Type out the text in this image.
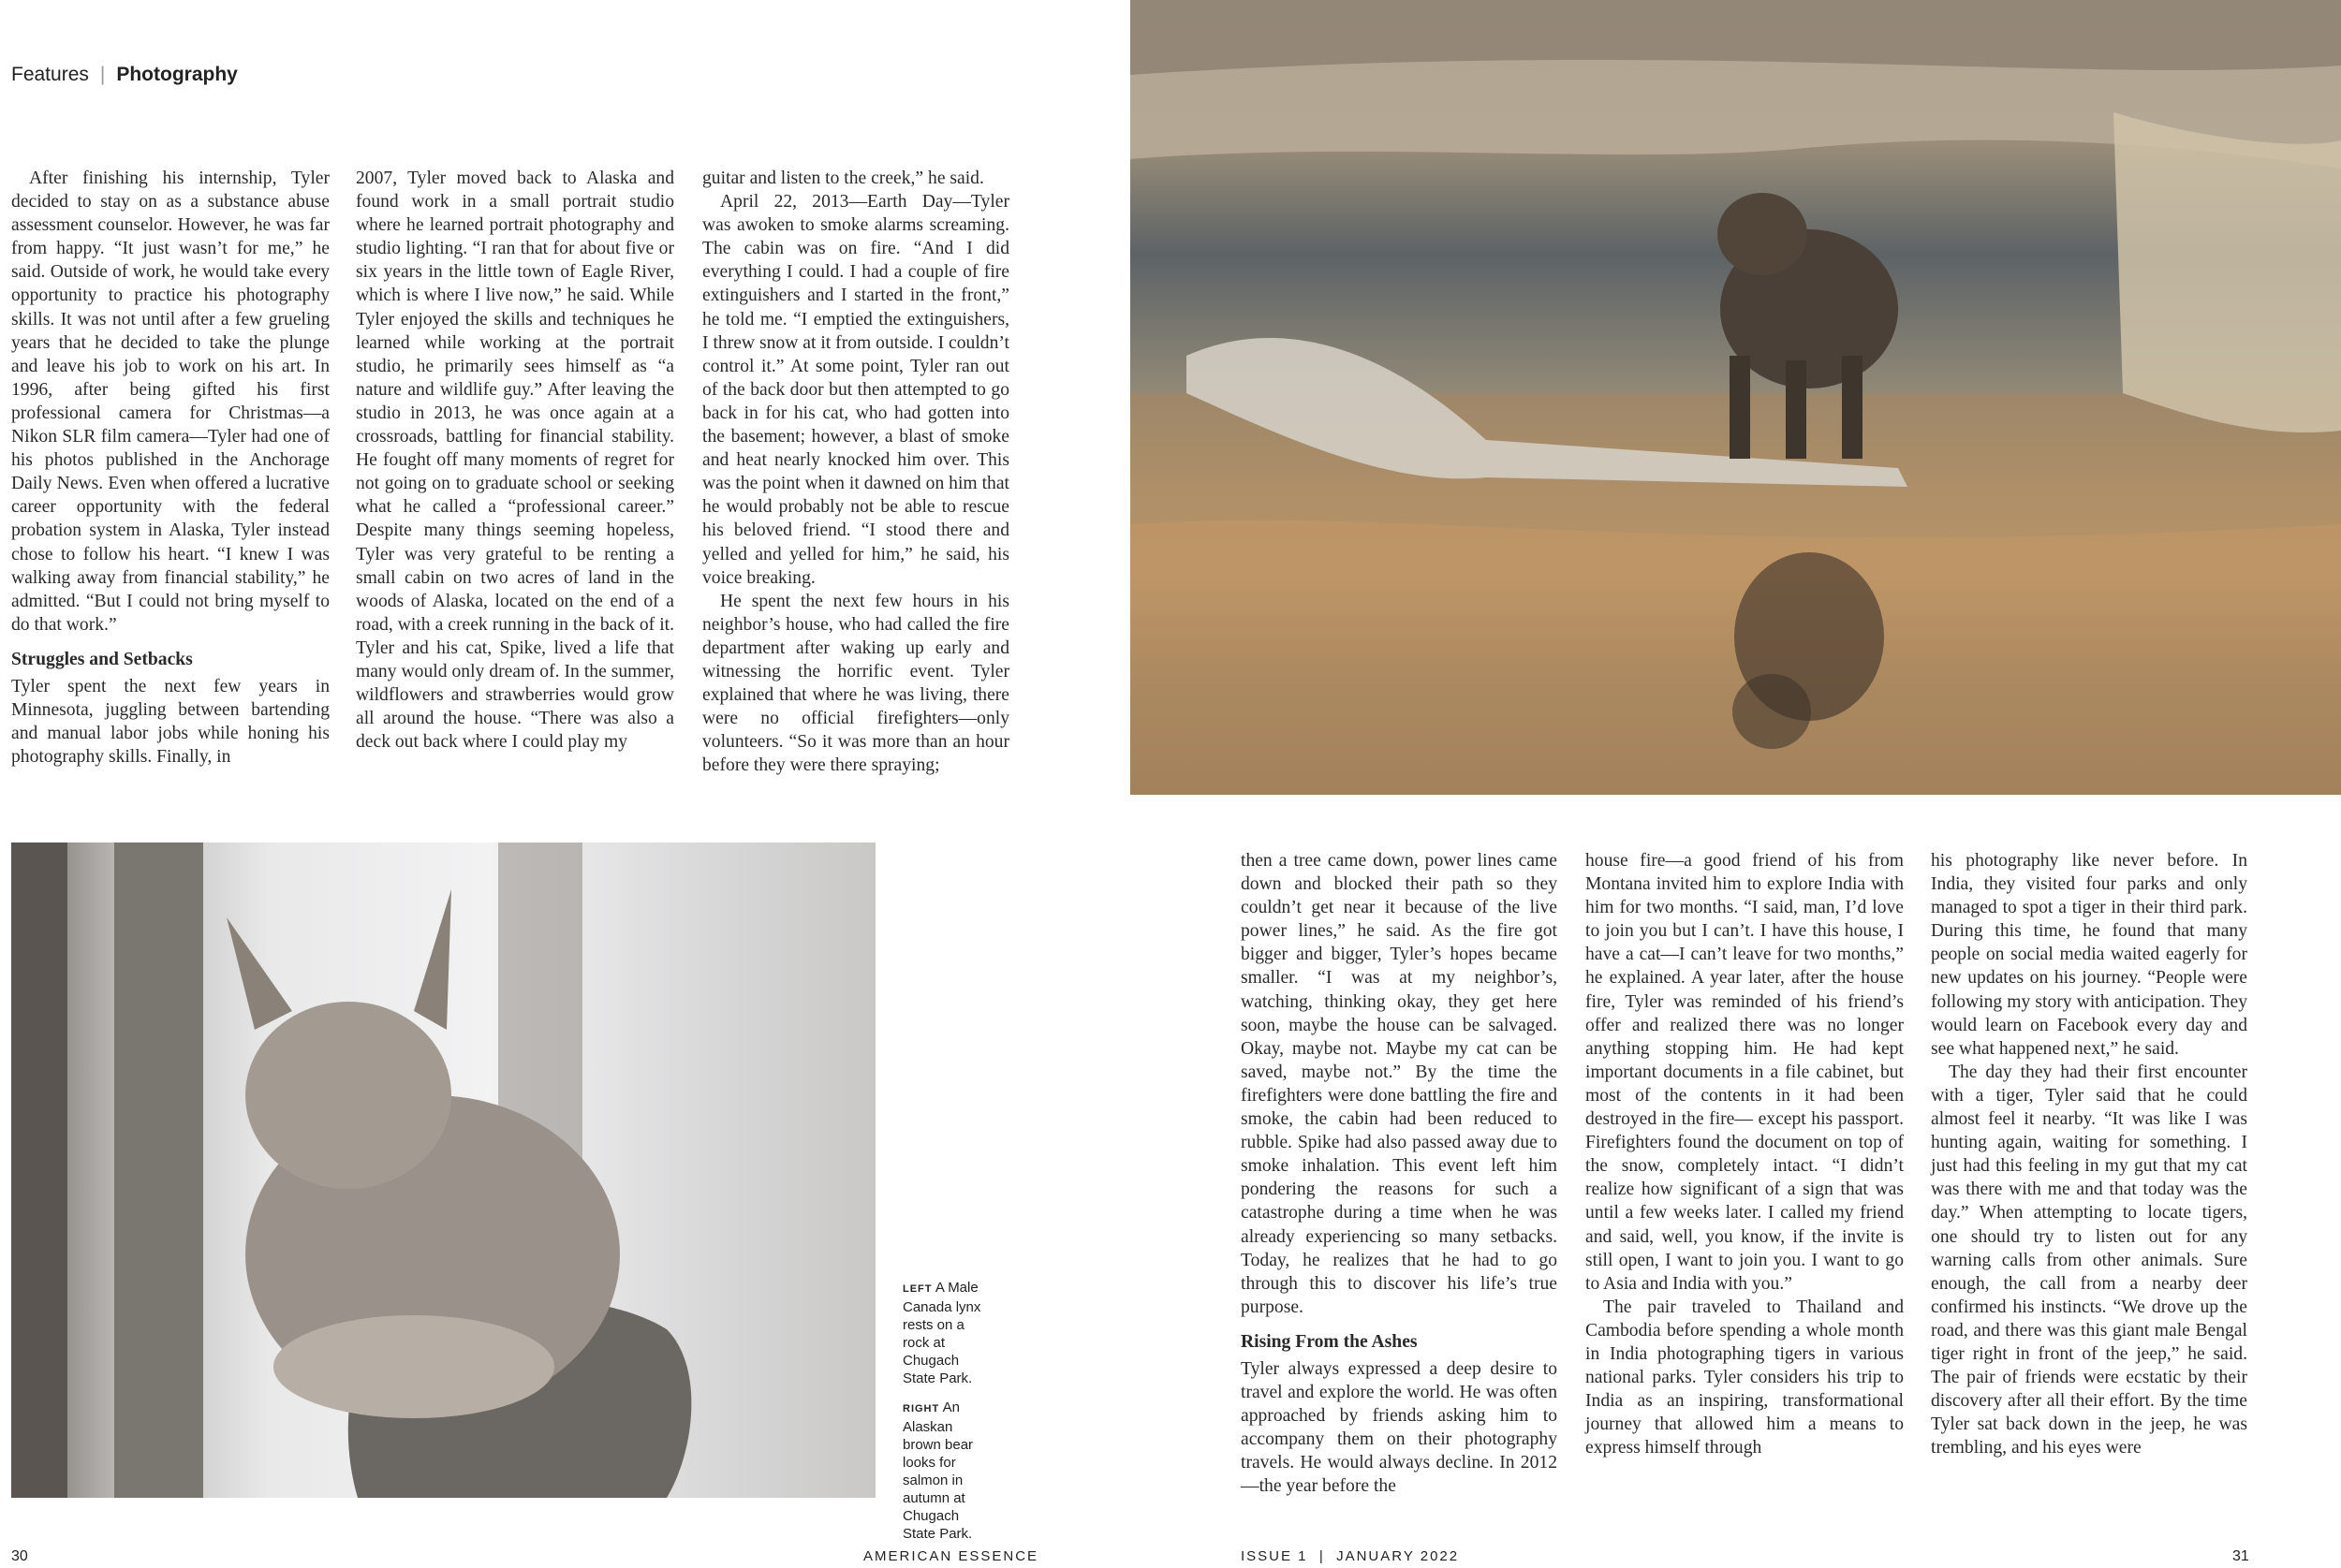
Features | Photography

After finishing his internship, Tyler decided to stay on as a substance abuse assessment counselor. However, he was far from happy. “It just wasn’t for me,” he said. Outside of work, he would take every opportunity to practice his photography skills. It was not until after a few grueling years that he decided to take the plunge and leave his job to work on his art. In 1996, after being gifted his first professional camera for Christmas—a Nikon SLR film camera—Tyler had one of his photos published in the Anchorage Daily News. Even when offered a lucrative career opportunity with the federal probation system in Alaska, Tyler instead chose to follow his heart. “I knew I was walking away from financial stability,” he admitted. “But I could not bring myself to do that work.”

Struggles and Setbacks

Tyler spent the next few years in Minnesota, juggling between bartending and manual labor jobs while honing his photography skills. Finally, in

2007, Tyler moved back to Alaska and found work in a small portrait studio where he learned portrait photography and studio lighting. “I ran that for about five or six years in the little town of Eagle River, which is where I live now,” he said. While Tyler enjoyed the skills and techniques he learned while working at the portrait studio, he primarily sees himself as “a nature and wildlife guy.” After leaving the studio in 2013, he was once again at a crossroads, battling for financial stability. He fought off many moments of regret for not going on to graduate school or seeking what he called a “professional career.” Despite many things seeming hopeless, Tyler was very grateful to be renting a small cabin on two acres of land in the woods of Alaska, located on the end of a road, with a creek running in the back of it. Tyler and his cat, Spike, lived a life that many would only dream of. In the summer, wildflowers and strawberries would grow all around the house. “There was also a deck out back where I could play my

guitar and listen to the creek,” he said.

April 22, 2013—Earth Day—Tyler was awoken to smoke alarms screaming. The cabin was on fire. “And I did everything I could. I had a couple of fire extinguishers and I started in the front,” he told me. “I emptied the extinguishers, I threw snow at it from outside. I couldn’t control it.” At some point, Tyler ran out of the back door but then attempted to go back in for his cat, who had gotten into the basement; however, a blast of smoke and heat nearly knocked him over. This was the point when it dawned on him that he would probably not be able to rescue his beloved friend. “I stood there and yelled and yelled for him,” he said, his voice breaking.

He spent the next few hours in his neighbor’s house, who had called the fire department after waking up early and witnessing the horrific event. Tyler explained that where he was living, there were no official firefighters—only volunteers. “So it was more than an hour before they were there spraying;

LEFT A Male Canada lynx rests on a rock at Chugach State Park.

RIGHT An Alaskan brown bear looks for salmon in autumn at Chugach State Park.

then a tree came down, power lines came down and blocked their path so they couldn’t get near it because of the live power lines,” he said. As the fire got bigger and bigger, Tyler’s hopes became smaller. “I was at my neighbor’s, watching, thinking okay, they get here soon, maybe the house can be salvaged. Okay, maybe not. Maybe my cat can be saved, maybe not.” By the time the firefighters were done battling the fire and smoke, the cabin had been reduced to rubble. Spike had also passed away due to smoke inhalation. This event left him pondering the reasons for such a catastrophe during a time when he was already experiencing so many setbacks. Today, he realizes that he had to go through this to discover his life’s true purpose.

Rising From the Ashes

Tyler always expressed a deep desire to travel and explore the world. He was often approached by friends asking him to accompany them on their photography travels. He would always decline. In 2012—the year before the

house fire—a good friend of his from Montana invited him to explore India with him for two months. “I said, man, I’d love to join you but I can’t. I have this house, I have a cat—I can’t leave for two months,” he explained. A year later, after the house fire, Tyler was reminded of his friend’s offer and realized there was no longer anything stopping him. He had kept important documents in a file cabinet, but most of the contents in it had been destroyed in the fire— except his passport. Firefighters found the document on top of the snow, completely intact. “I didn’t realize how significant of a sign that was until a few weeks later. I called my friend and said, well, you know, if the invite is still open, I want to join you. I want to go to Asia and India with you.”

The pair traveled to Thailand and Cambodia before spending a whole month in India photographing tigers in various national parks. Tyler considers his trip to India as an inspiring, transformational journey that allowed him a means to express himself through

his photography like never before. In India, they visited four parks and only managed to spot a tiger in their third park. During this time, he found that many people on social media waited eagerly for new updates on his journey. “People were following my story with anticipation. They would learn on Facebook every day and see what happened next,” he said.

The day they had their first encounter with a tiger, Tyler said that he could almost feel it nearby. “It was like I was hunting again, waiting for something. I just had this feeling in my gut that my cat was there with me and that today was the day.” When attempting to locate tigers, one should try to listen out for any warning calls from other animals. Sure enough, the call from a nearby deer confirmed his instincts. “We drove up the road, and there was this giant male Bengal tiger right in front of the jeep,” he said. The pair of friends were ecstatic by their discovery after all their effort. By the time Tyler sat back down in the jeep, he was trembling, and his eyes were

30	AMERICAN ESSENCE	ISSUE 1  |  JANUARY 2022	31
